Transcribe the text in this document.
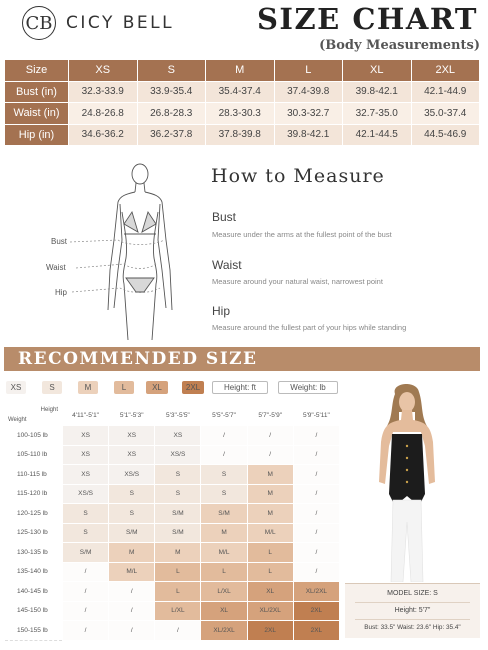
CB CICY BELL	SIZE CHART
(Body Measurements)
Size	XS	S	M	L	XL	2XL
Bust (in)	32.3-33.9	33.9-35.4	35.4-37.4	37.4-39.8	39.8-42.1	42.1-44.9
Waist (in)	24.8-26.8	26.8-28.3	28.3-30.3	30.3-32.7	32.7-35.0	35.0-37.4
Hip (in)	34.6-36.2	36.2-37.8	37.8-39.8	39.8-42.1	42.1-44.5	44.5-46.9
Bust
Waist
Hip
How to Measure
Bust
Measure under the arms at the fullest point of the bust
Waist
Measure around your natural waist, narrowest point
Hip
Measure around the fullest part of your hips while standing
RECOMMENDED SIZE
XS	S	M	L	XL	2XL	Height: ft	Weight: lb
Height
Weight	4'11"-5'1"	5'1"-5'3"	5'3"-5'5"	5'5"-5'7"	5'7"-5'9"	5'9"-5'11"
100-105 lb	XS	XS	XS	/	/	/
105-110 lb	XS	XS	XS/S	/	/	/
110-115 lb	XS	XS/S	S	S	M	/
115-120 lb	XS/S	S	S	S	M	/
120-125 lb	S	S	S/M	S/M	M	/
125-130 lb	S	S/M	S/M	M	M/L	/
130-135 lb	S/M	M	M	M/L	L	/
135-140 lb	/	M/L	L	L	L	/
140-145 lb	/	/	L	L/XL	XL	XL/2XL
145-150 lb	/	/	L/XL	XL	XL/2XL	2XL
150-155 lb	/	/	/	XL/2XL	2XL	2XL
MODEL SIZE: S
Height: 5'7"
Bust: 33.5" Waist: 23.6" Hip: 35.4"
